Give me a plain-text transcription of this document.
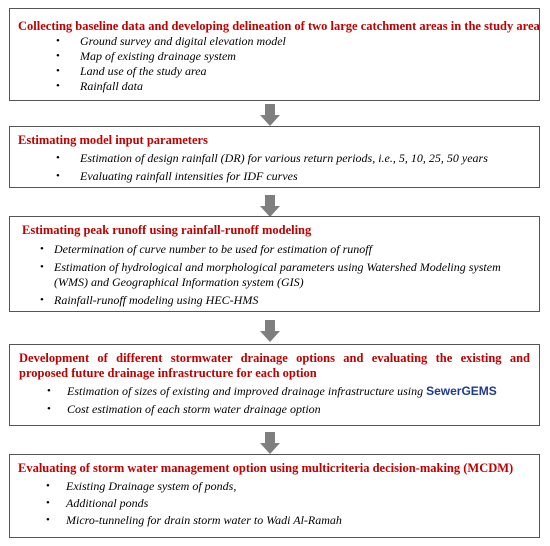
Collecting baseline data and developing delineation of two large catchment areas in the study area

• Ground survey and digital elevation model
• Map of existing drainage system
• Land use of the study area
• Rainfall data

Estimating model input parameters

• Estimation of design rainfall (DR) for various return periods, i.e., 5, 10, 25, 50 years
• Evaluating rainfall intensities for IDF curves

Estimating peak runoff using rainfall-runoff modeling

• Determination of curve number to be used for estimation of runoff
• Estimation of hydrological and morphological parameters using Watershed Modeling system (WMS) and Geographical Information system (GIS)
• Rainfall-runoff modeling using HEC-HMS

Development of different stormwater drainage options and evaluating the existing and proposed future drainage infrastructure for each option

• Estimation of sizes of existing and improved drainage infrastructure using SewerGEMS
• Cost estimation of each storm water drainage option

Evaluating of storm water management option using multicriteria decision-making (MCDM)

• Existing Drainage system of ponds,
• Additional ponds
• Micro-tunneling for drain storm water to Wadi Al-Ramah
